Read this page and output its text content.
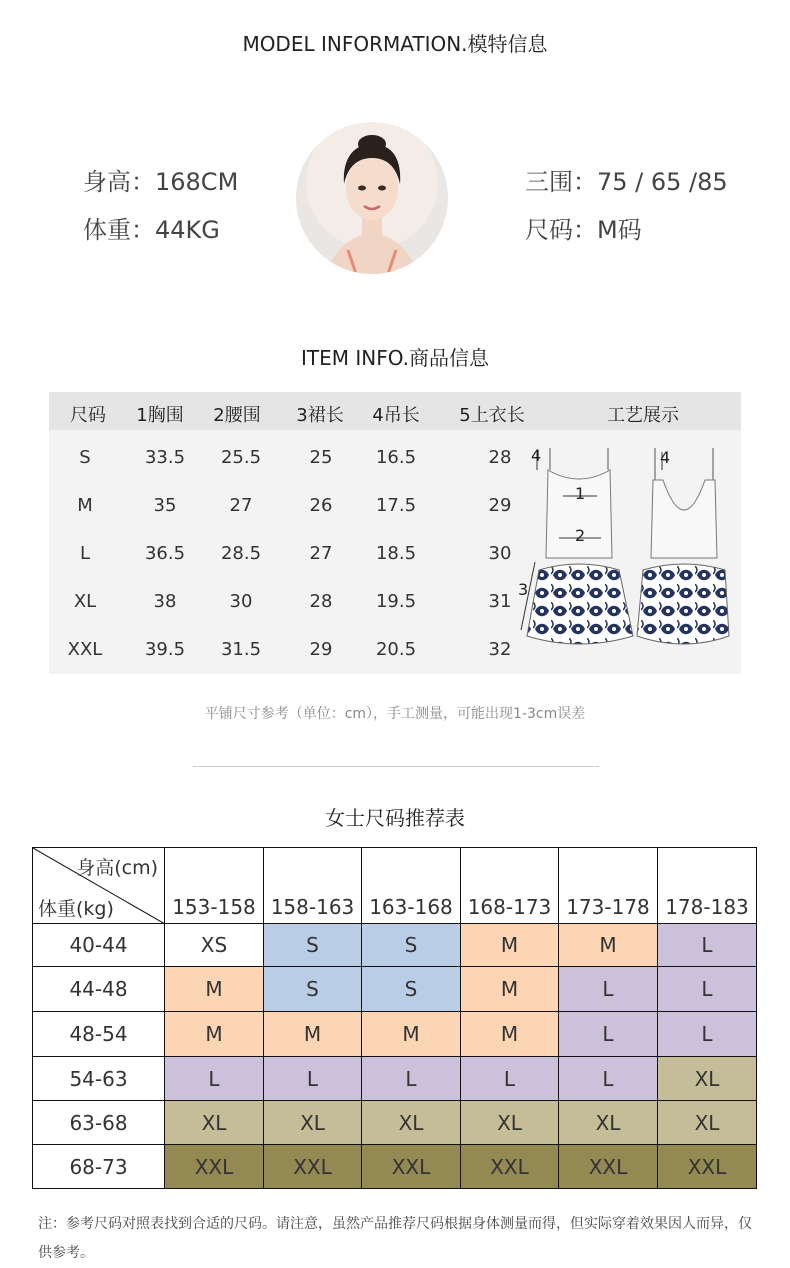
MODEL INFORMATION.模特信息
身高：168CM
体重：44KG
三围：75 / 65 /85
尺码：M码
ITEM INFO.商品信息
尺码 1胸围 2腰围 3裙长 4吊长 5上衣长	工艺展示
S	33.5 25.5	25 16.5	28
M	35	27	26 17.5	29
L	36.5 28.5	27 18.5	30
XL	38	30	28 19.5	31
XXL 39.5 31.5	29 20.5	32
4
1
2
3
4
平铺尺寸参考（单位：cm），手工测量，可能出现1-3cm误差
女士尺码推荐表
身高(cm)
体重(kg)	153-158	158-163	163-168	168-173	173-178	178-183
40-44	XS	S	S	M	M	L
44-48	M	S	S	M	L	L
48-54	M	M	M	M	L	L
54-63	L	L	L	L	L	XL
63-68	XL	XL	XL	XL	XL	XL
68-73	XXL	XXL	XXL	XXL	XXL	XXL
注：参考尺码对照表找到合适的尺码。请注意，虽然产品推荐尺码根据身体测量而得，但实际穿着效果因人而异，仅供参考。
